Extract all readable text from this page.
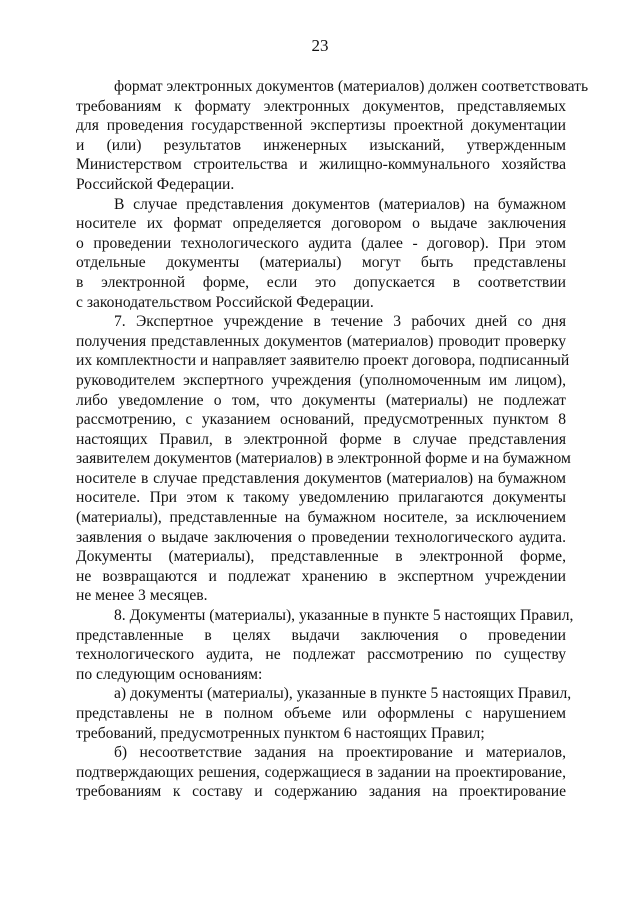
23
формат электронных документов (материалов) должен соответствовать
требованиям к формату электронных документов, представляемых
для проведения государственной экспертизы проектной документации
и (или) результатов инженерных изысканий, утвержденным
Министерством строительства и жилищно-коммунального хозяйства
Российской Федерации.
В случае представления документов (материалов) на бумажном
носителе их формат определяется договором о выдаче заключения
о проведении технологического аудита (далее - договор). При этом
отдельные документы (материалы) могут быть представлены
в электронной форме, если это допускается в соответствии
с законодательством Российской Федерации.
7. Экспертное учреждение в течение 3 рабочих дней со дня
получения представленных документов (материалов) проводит проверку
их комплектности и направляет заявителю проект договора, подписанный
руководителем экспертного учреждения (уполномоченным им лицом),
либо уведомление о том, что документы (материалы) не подлежат
рассмотрению, с указанием оснований, предусмотренных пунктом 8
настоящих Правил, в электронной форме в случае представления
заявителем документов (материалов) в электронной форме и на бумажном
носителе в случае представления документов (материалов) на бумажном
носителе. При этом к такому уведомлению прилагаются документы
(материалы), представленные на бумажном носителе, за исключением
заявления о выдаче заключения о проведении технологического аудита.
Документы (материалы), представленные в электронной форме,
не возвращаются и подлежат хранению в экспертном учреждении
не менее 3 месяцев.
8. Документы (материалы), указанные в пункте 5 настоящих Правил,
представленные в целях выдачи заключения о проведении
технологического аудита, не подлежат рассмотрению по существу
по следующим основаниям:
а) документы (материалы), указанные в пункте 5 настоящих Правил,
представлены не в полном объеме или оформлены с нарушением
требований, предусмотренных пунктом 6 настоящих Правил;
б) несоответствие задания на проектирование и материалов,
подтверждающих решения, содержащиеся в задании на проектирование,
требованиям к составу и содержанию задания на проектирование
